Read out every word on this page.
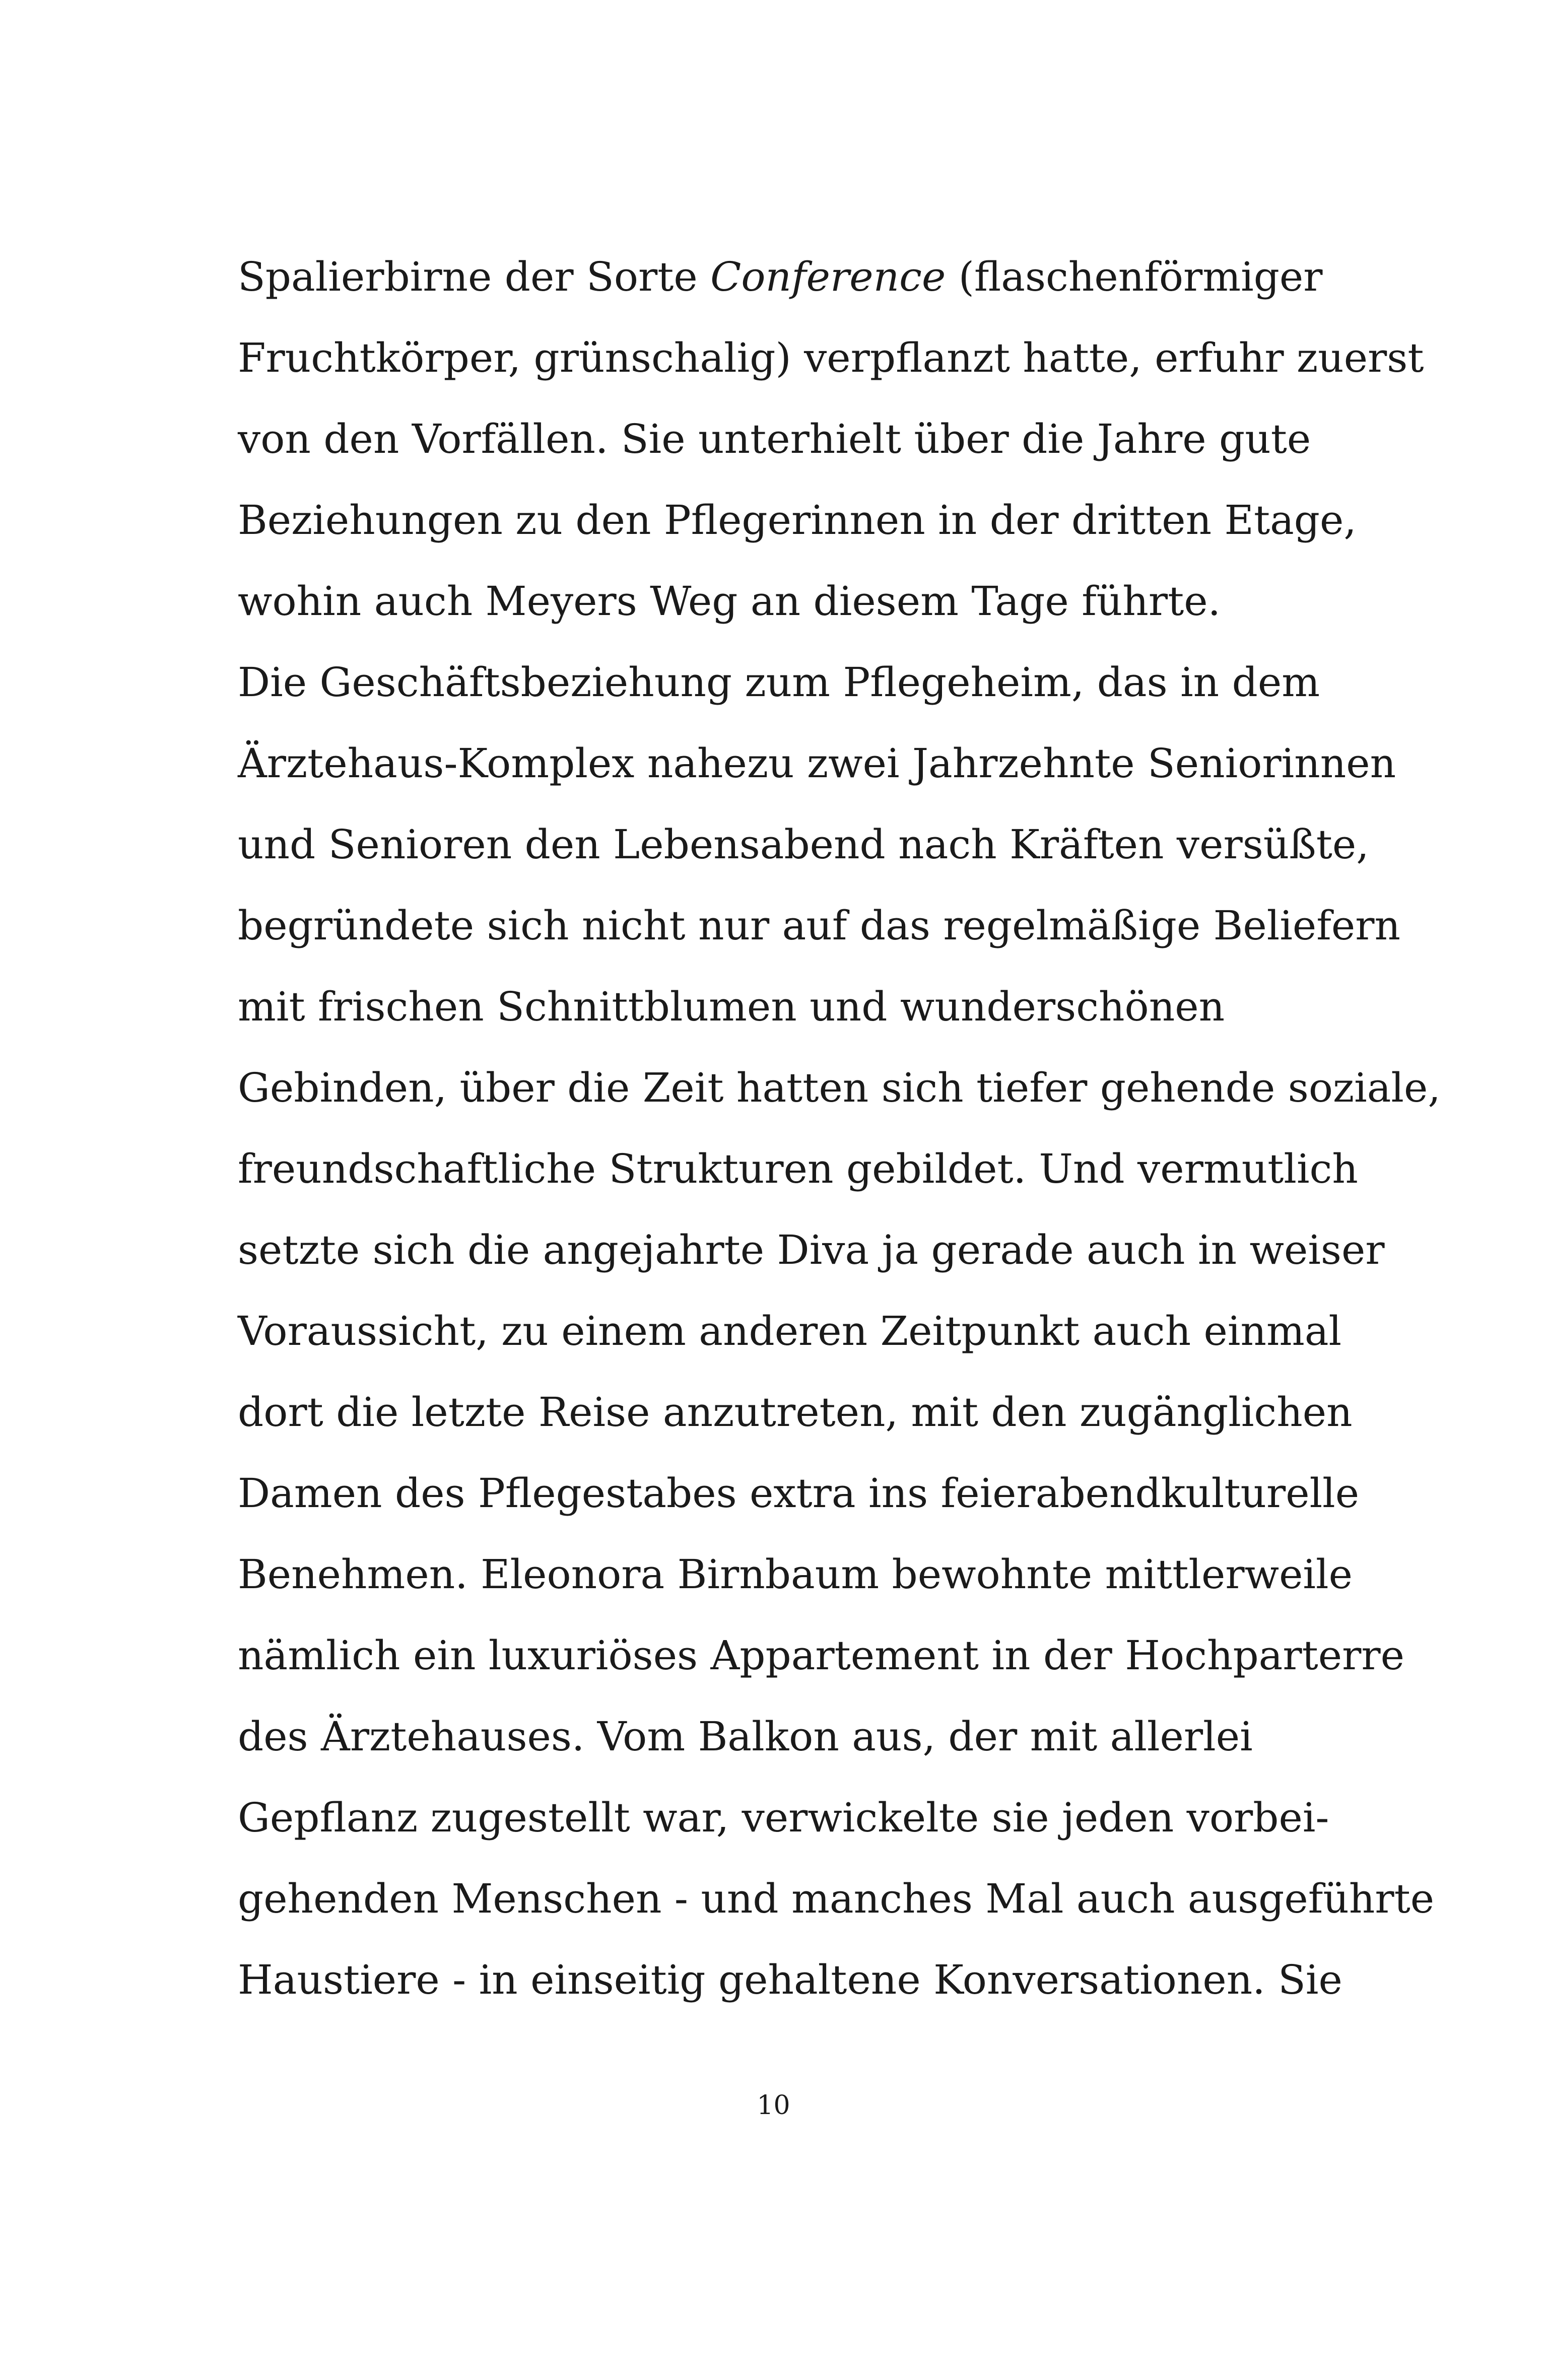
Spalierbirne der Sorte Conference (flaschenförmiger
Fruchtkörper, grünschalig) verpflanzt hatte, erfuhr zuerst
von den Vorfällen. Sie unterhielt über die Jahre gute
Beziehungen zu den Pflegerinnen in der dritten Etage,
wohin auch Meyers Weg an diesem Tage führte.
Die Geschäftsbeziehung zum Pflegeheim, das in dem
Ärztehaus-Komplex nahezu zwei Jahrzehnte Seniorinnen
und Senioren den Lebensabend nach Kräften versüßte,
begründete sich nicht nur auf das regelmäßige Beliefern
mit frischen Schnittblumen und wunderschönen
Gebinden, über die Zeit hatten sich tiefer gehende soziale,
freundschaftliche Strukturen gebildet. Und vermutlich
setzte sich die angejahrte Diva ja gerade auch in weiser
Voraussicht, zu einem anderen Zeitpunkt auch einmal
dort die letzte Reise anzutreten, mit den zugänglichen
Damen des Pflegestabes extra ins feierabendkulturelle
Benehmen. Eleonora Birnbaum bewohnte mittlerweile
nämlich ein luxuriöses Appartement in der Hochparterre
des Ärztehauses. Vom Balkon aus, der mit allerlei
Gepflanz zugestellt war, verwickelte sie jeden vorbei-
gehenden Menschen - und manches Mal auch ausgeführte
Haustiere - in einseitig gehaltene Konversationen. Sie
10
